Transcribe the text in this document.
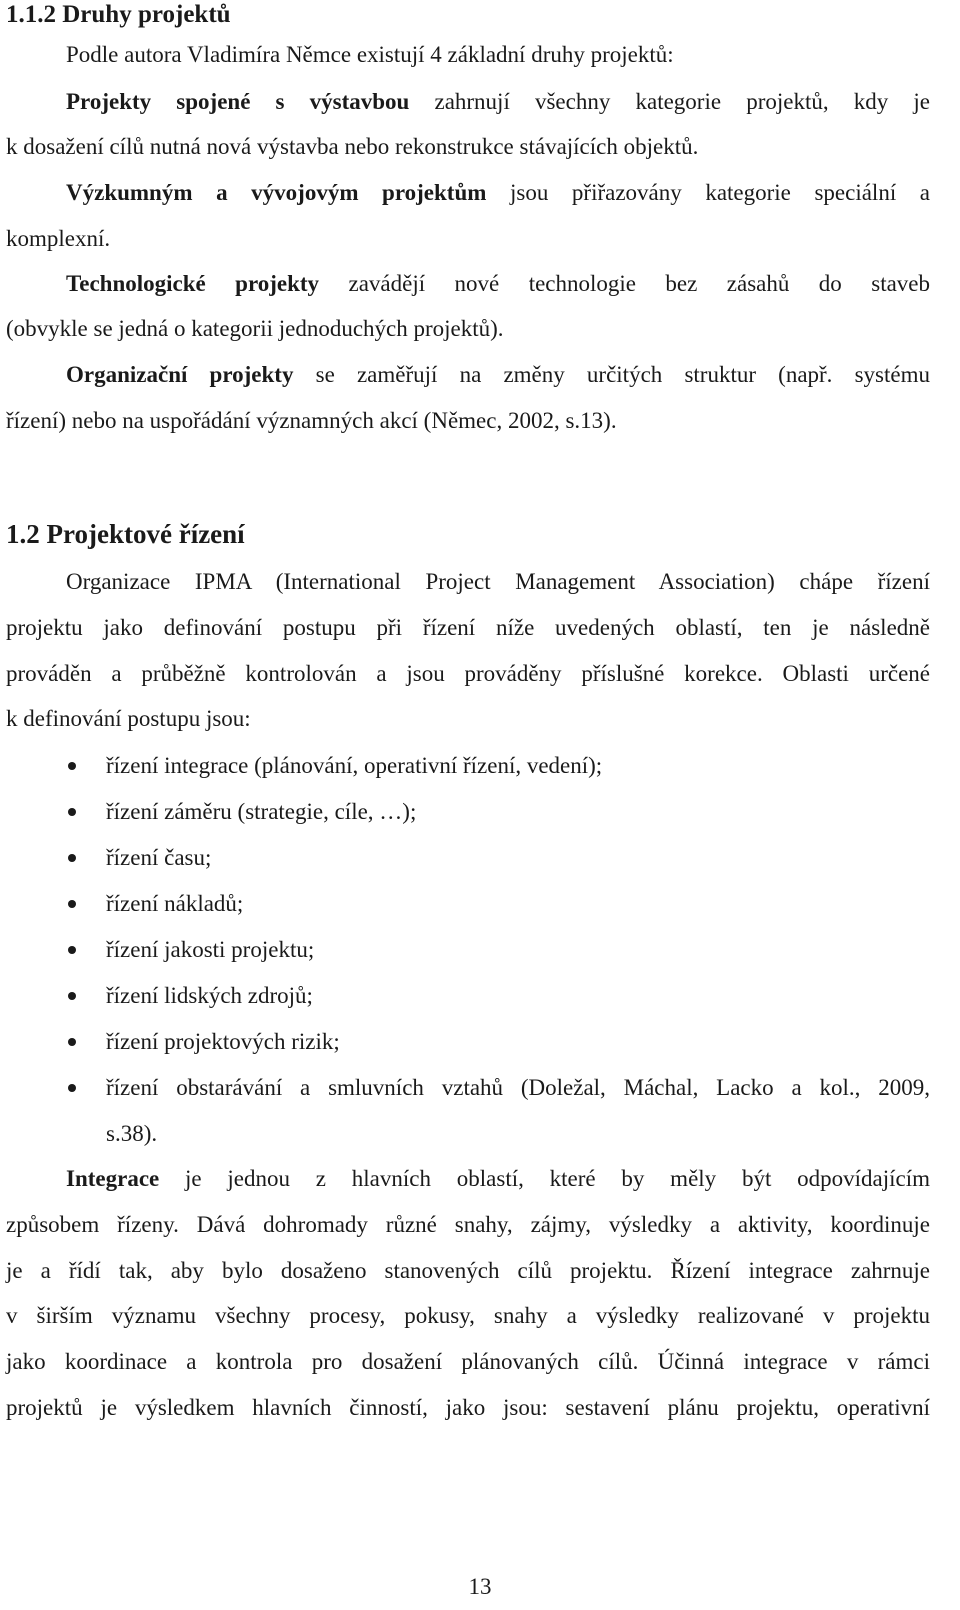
1.1.2 Druhy projektů
Podle autora Vladimíra Němce existují 4 základní druhy projektů:
Projekty spojené s výstavbou zahrnují všechny kategorie projektů, kdy je
k dosažení cílů nutná nová výstavba nebo rekonstrukce stávajících objektů.
Výzkumným a vývojovým projektům jsou přiřazovány kategorie speciální a
komplexní.
Technologické projekty zavádějí nové technologie bez zásahů do staveb
(obvykle se jedná o kategorii jednoduchých projektů).
Organizační projekty se zaměřují na změny určitých struktur (např. systému
řízení) nebo na uspořádání významných akcí (Němec, 2002, s.13).
1.2 Projektové řízení
Organizace IPMA (International Project Management Association) chápe řízení
projektu jako definování postupu při řízení níže uvedených oblastí, ten je následně
prováděn a průběžně kontrolován a jsou prováděny příslušné korekce. Oblasti určené
k definování postupu jsou:
řízení integrace (plánování, operativní řízení, vedení);
řízení záměru (strategie, cíle, …);
řízení času;
řízení nákladů;
řízení jakosti projektu;
řízení lidských zdrojů;
řízení projektových rizik;
řízení obstarávání a smluvních vztahů (Doležal, Máchal, Lacko a kol., 2009,
s.38).
Integrace je jednou z hlavních oblastí, které by měly být odpovídajícím
způsobem řízeny. Dává dohromady různé snahy, zájmy, výsledky a aktivity, koordinuje
je a řídí tak, aby bylo dosaženo stanovených cílů projektu. Řízení integrace zahrnuje
v širším významu všechny procesy, pokusy, snahy a výsledky realizované v projektu
jako koordinace a kontrola pro dosažení plánovaných cílů. Účinná integrace v rámci
projektů je výsledkem hlavních činností, jako jsou: sestavení plánu projektu, operativní
13
